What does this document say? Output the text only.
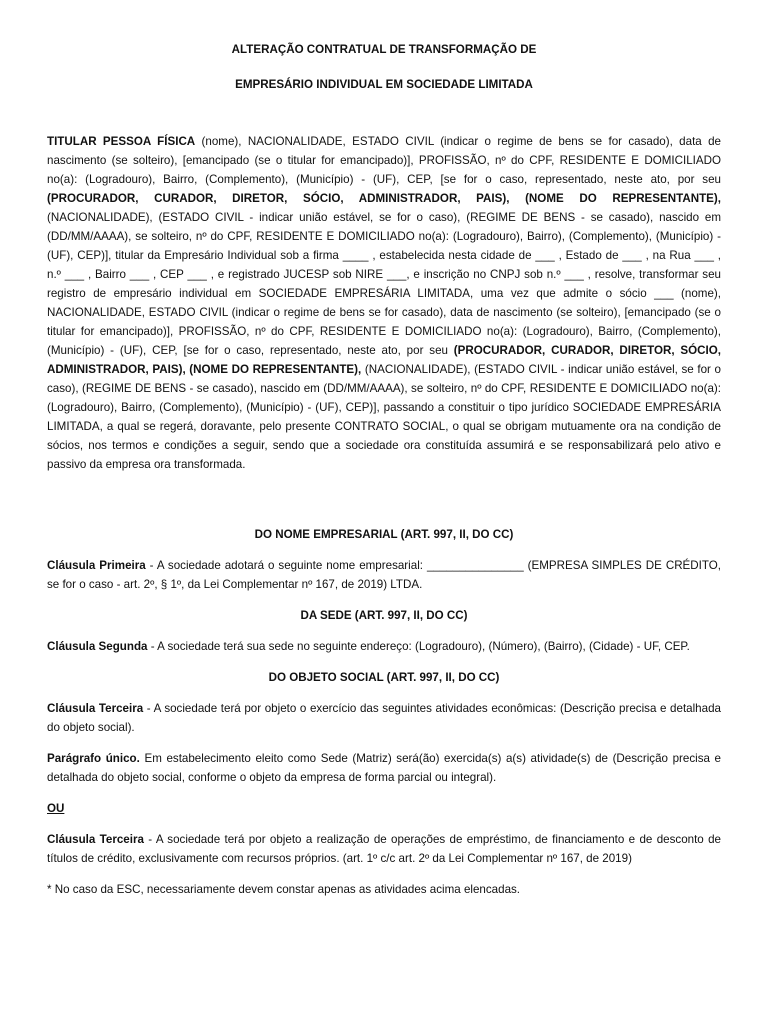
ALTERAÇÃO CONTRATUAL DE TRANSFORMAÇÃO DE

EMPRESÁRIO INDIVIDUAL EM SOCIEDADE LIMITADA

TITULAR PESSOA FÍSICA (nome), NACIONALIDADE, ESTADO CIVIL (indicar o regime de bens se for casado), data de nascimento (se solteiro), [emancipado (se o titular for emancipado)], PROFISSÃO, nº do CPF, RESIDENTE E DOMICILIADO no(a): (Logradouro), Bairro, (Complemento), (Município) - (UF), CEP, [se for o caso, representado, neste ato, por seu (PROCURADOR, CURADOR, DIRETOR, SÓCIO, ADMINISTRADOR, PAIS), (NOME DO REPRESENTANTE), (NACIONALIDADE), (ESTADO CIVIL - indicar união estável, se for o caso), (REGIME DE BENS - se casado), nascido em (DD/MM/AAAA), se solteiro, nº do CPF, RESIDENTE E DOMICILIADO no(a): (Logradouro), Bairro), (Complemento), (Município) - (UF), CEP)], titular da Empresário Individual sob a firma ____ , estabelecida nesta cidade de ___ , Estado de ___ , na Rua ___ , n.º ___ , Bairro ___ , CEP ___ , e registrado JUCESP sob NIRE ___, e inscrição no CNPJ sob n.º ___ , resolve, transformar seu registro de empresário individual em SOCIEDADE EMPRESÁRIA LIMITADA, uma vez que admite o sócio ___ (nome), NACIONALIDADE, ESTADO CIVIL (indicar o regime de bens se for casado), data de nascimento (se solteiro), [emancipado (se o titular for emancipado)], PROFISSÃO, nº do CPF, RESIDENTE E DOMICILIADO no(a): (Logradouro), Bairro, (Complemento), (Município) - (UF), CEP, [se for o caso, representado, neste ato, por seu (PROCURADOR, CURADOR, DIRETOR, SÓCIO, ADMINISTRADOR, PAIS), (NOME DO REPRESENTANTE), (NACIONALIDADE), (ESTADO CIVIL - indicar união estável, se for o caso), (REGIME DE BENS - se casado), nascido em (DD/MM/AAAA), se solteiro, nº do CPF, RESIDENTE E DOMICILIADO no(a): (Logradouro), Bairro, (Complemento), (Município) - (UF), CEP)], passando a constituir o tipo jurídico SOCIEDADE EMPRESÁRIA LIMITADA, a qual se regerá, doravante, pelo presente CONTRATO SOCIAL, o qual se obrigam mutuamente ora na condição de sócios, nos termos e condições a seguir, sendo que a sociedade ora constituída assumirá e se responsabilizará pelo ativo e passivo da empresa ora transformada.

DO NOME EMPRESARIAL (ART. 997, II, DO CC)

Cláusula Primeira - A sociedade adotará o seguinte nome empresarial: _______________ (EMPRESA SIMPLES DE CRÉDITO, se for o caso - art. 2º, § 1º, da Lei Complementar nº 167, de 2019) LTDA.

DA SEDE (ART. 997, II, DO CC)

Cláusula Segunda - A sociedade terá sua sede no seguinte endereço: (Logradouro), (Número), (Bairro), (Cidade) - UF, CEP.

DO OBJETO SOCIAL (ART. 997, II, DO CC)

Cláusula Terceira - A sociedade terá por objeto o exercício das seguintes atividades econômicas: (Descrição precisa e detalhada do objeto social).

Parágrafo único. Em estabelecimento eleito como Sede (Matriz) será(ão) exercida(s) a(s) atividade(s) de (Descrição precisa e detalhada do objeto social, conforme o objeto da empresa de forma parcial ou integral).

OU

Cláusula Terceira - A sociedade terá por objeto a realização de operações de empréstimo, de financiamento e de desconto de títulos de crédito, exclusivamente com recursos próprios. (art. 1º c/c art. 2º da Lei Complementar nº 167, de 2019)

* No caso da ESC, necessariamente devem constar apenas as atividades acima elencadas.
